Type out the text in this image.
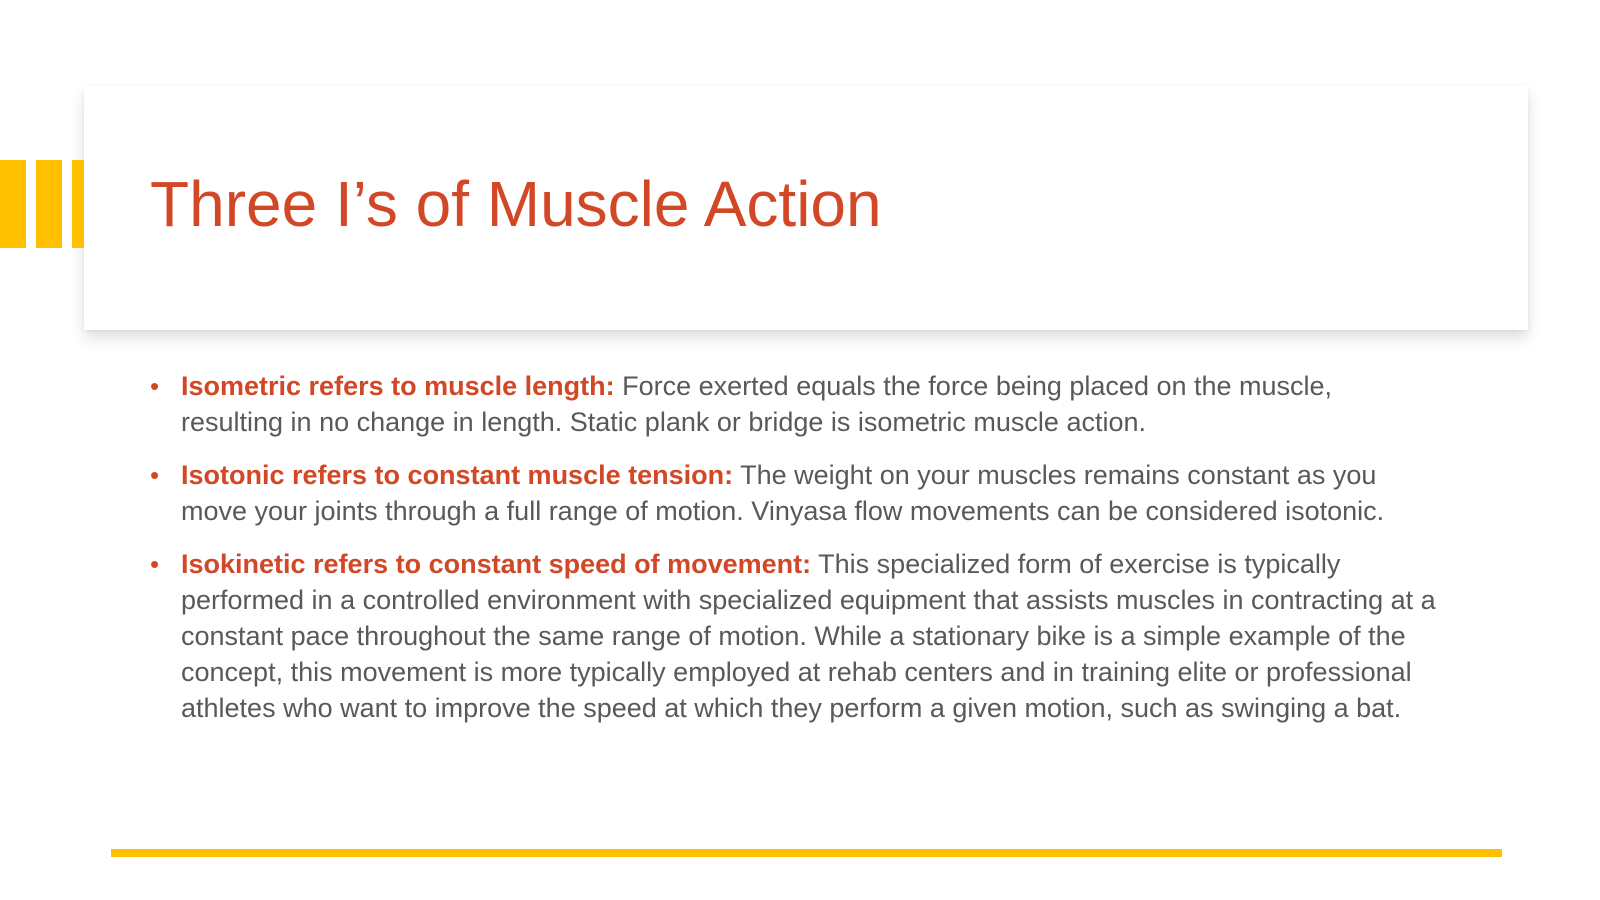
Three I’s of Muscle Action
• Isometric refers to muscle length: Force exerted equals the force being placed on the muscle, resulting in no change in length. Static plank or bridge is isometric muscle action.
• Isotonic refers to constant muscle tension: The weight on your muscles remains constant as you move your joints through a full range of motion. Vinyasa flow movements can be considered isotonic.
• Isokinetic refers to constant speed of movement: This specialized form of exercise is typically performed in a controlled environment with specialized equipment that assists muscles in contracting at a constant pace throughout the same range of motion. While a stationary bike is a simple example of the concept, this movement is more typically employed at rehab centers and in training elite or professional athletes who want to improve the speed at which they perform a given motion, such as swinging a bat.
